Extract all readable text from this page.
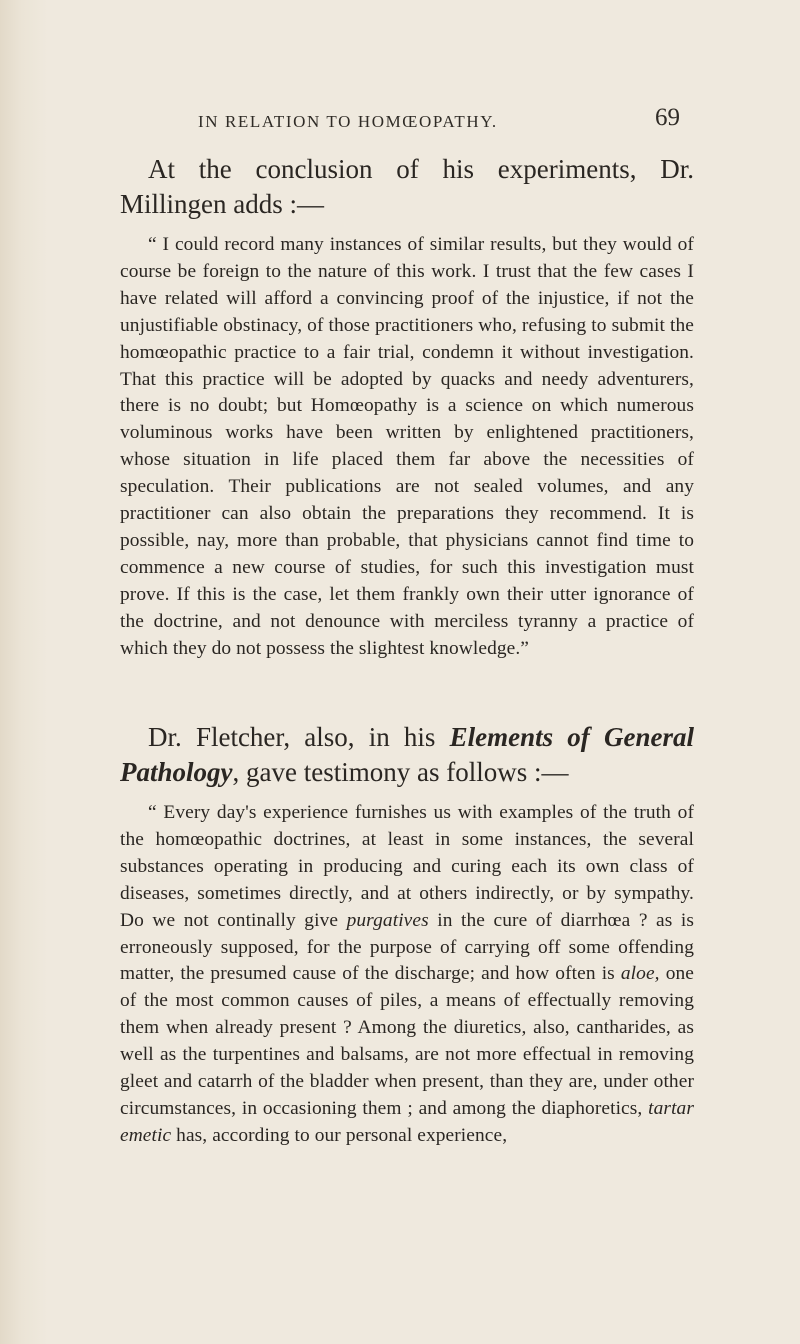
IN RELATION TO HOMŒOPATHY.	69

At the conclusion of his experiments, Dr. Millingen adds :—

“ I could record many instances of similar results, but they would of course be foreign to the nature of this work. I trust that the few cases I have related will afford a convincing proof of the injustice, if not the unjustifiable obstinacy, of those practitioners who, refusing to submit the homœopathic practice to a fair trial, condemn it without investigation. That this practice will be adopted by quacks and needy adventurers, there is no doubt; but Homœopathy is a science on which numerous voluminous works have been written by enlightened practitioners, whose situation in life placed them far above the necessities of speculation. Their publications are not sealed volumes, and any practitioner can also obtain the preparations they recommend. It is possible, nay, more than probable, that physicians cannot find time to commence a new course of studies, for such this investigation must prove. If this is the case, let them frankly own their utter ignorance of the doctrine, and not denounce with merciless tyranny a practice of which they do not possess the slightest knowledge.”

Dr. Fletcher, also, in his Elements of General Pathology, gave testimony as follows :—

“ Every day's experience furnishes us with examples of the truth of the homœopathic doctrines, at least in some instances, the several substances operating in producing and curing each its own class of diseases, sometimes directly, and at others indirectly, or by sympathy. Do we not continally give purgatives in the cure of diarrhœa ? as is erroneously supposed, for the purpose of carrying off some offending matter, the presumed cause of the discharge; and how often is aloe, one of the most common causes of piles, a means of effectually removing them when already present ? Among the diuretics, also, cantharides, as well as the turpentines and balsams, are not more effectual in removing gleet and catarrh of the bladder when present, than they are, under other circumstances, in occasioning them ; and among the diaphoretics, tartar emetic has, according to our personal experience,
